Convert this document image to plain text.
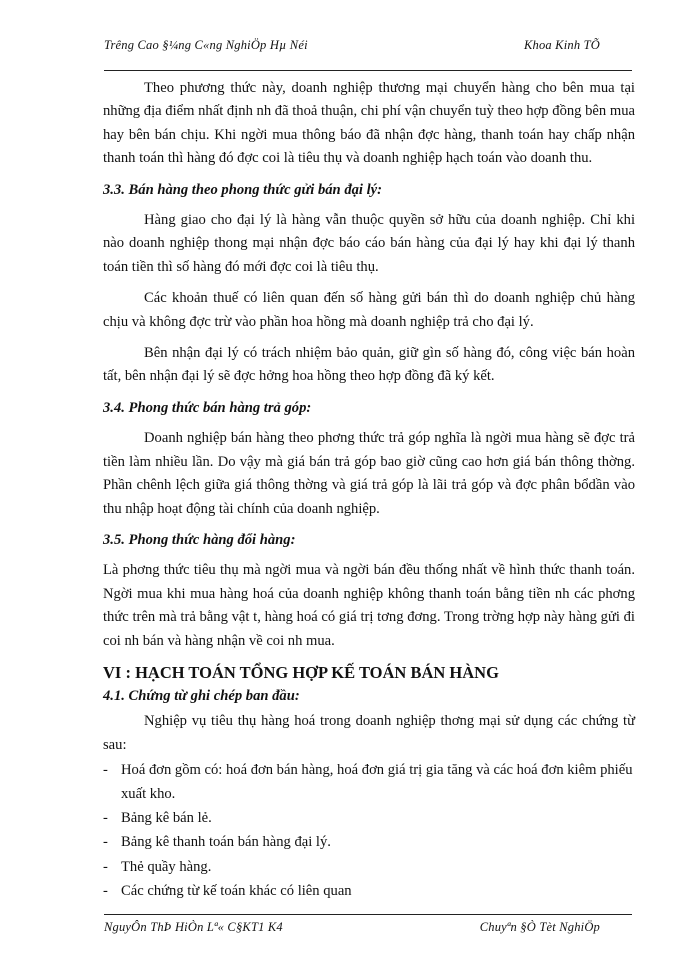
Trêng Cao §¼ng C«ng NghiÖp Hµ Néi	Khoa Kinh TÕ

Theo phương thức này, doanh nghiệp thương mại chuyển hàng cho bên mua tại những địa điểm nhất định nh đã thoả thuận, chi phí vận chuyển tuỳ theo hợp đồng bên mua hay bên bán chịu. Khi ngời mua thông báo đã nhận đợc hàng, thanh toán hay chấp nhận thanh toán thì hàng đó đợc coi là tiêu thụ và doanh nghiệp hạch toán vào doanh thu.

3.3. Bán hàng theo phong thức gửi bán đại lý:

Hàng giao cho đại lý là hàng vẫn thuộc quyền sở hữu của doanh nghiệp. Chỉ khi nào doanh nghiệp thong mại nhận đợc báo cáo bán hàng của đại lý hay khi đại lý thanh toán tiền thì số hàng đó mới đợc coi là tiêu thụ.

Các khoản thuế có liên quan đến số hàng gửi bán thì do doanh nghiệp chủ hàng chịu và không đợc trừ vào phần hoa hồng mà doanh nghiệp trả cho đại lý.

Bên nhận đại lý có trách nhiệm bảo quản, giữ gìn số hàng đó, công việc bán hoàn tất, bên nhận đại lý sẽ đợc hởng hoa hồng theo hợp đồng đã ký kết.

3.4. Phong thức bán hàng trả góp:

Doanh nghiệp bán hàng theo phơng thức trả góp nghĩa là ngời mua hàng sẽ đợc trả tiền làm nhiều lần. Do vậy mà giá bán trả góp bao giờ cũng cao hơn giá bán thông thờng. Phần chênh lệch giữa giá thông thờng và giá trả góp là lãi trả góp và đợc phân bổdần vào thu nhập hoạt động tài chính của doanh nghiệp.

3.5. Phong thức hàng đổi hàng:

Là phơng thức tiêu thụ mà ngời mua và ngời bán đều thống nhất về hình thức thanh toán. Ngời mua khi mua hàng hoá của doanh nghiệp không thanh toán bằng tiền nh các phơng thức trên mà trả bằng vật t, hàng hoá có giá trị tơng đơng. Trong trờng hợp này hàng gửi đi coi nh bán và hàng nhận về coi nh mua.

VI : HẠCH TOÁN TỔNG HỢP KẾ TOÁN BÁN HÀNG

4.1. Chứng từ ghi chép ban đầu:

Nghiệp vụ tiêu thụ hàng hoá trong doanh nghiệp thơng mại sử dụng các chứng từ sau:

- Hoá đơn gồm có: hoá đơn bán hàng, hoá đơn giá trị gia tăng và các hoá đơn kiêm phiếu xuất kho.
- Bảng kê bán lẻ.
- Bảng kê thanh toán bán hàng đại lý.
- Thẻ quầy hàng.
- Các chứng từ kế toán khác có liên quan
NguyÔn ThÞ HiÒn Lª« C§KT1 K4	Chuyªn §Ò Tèt NghiÖp
